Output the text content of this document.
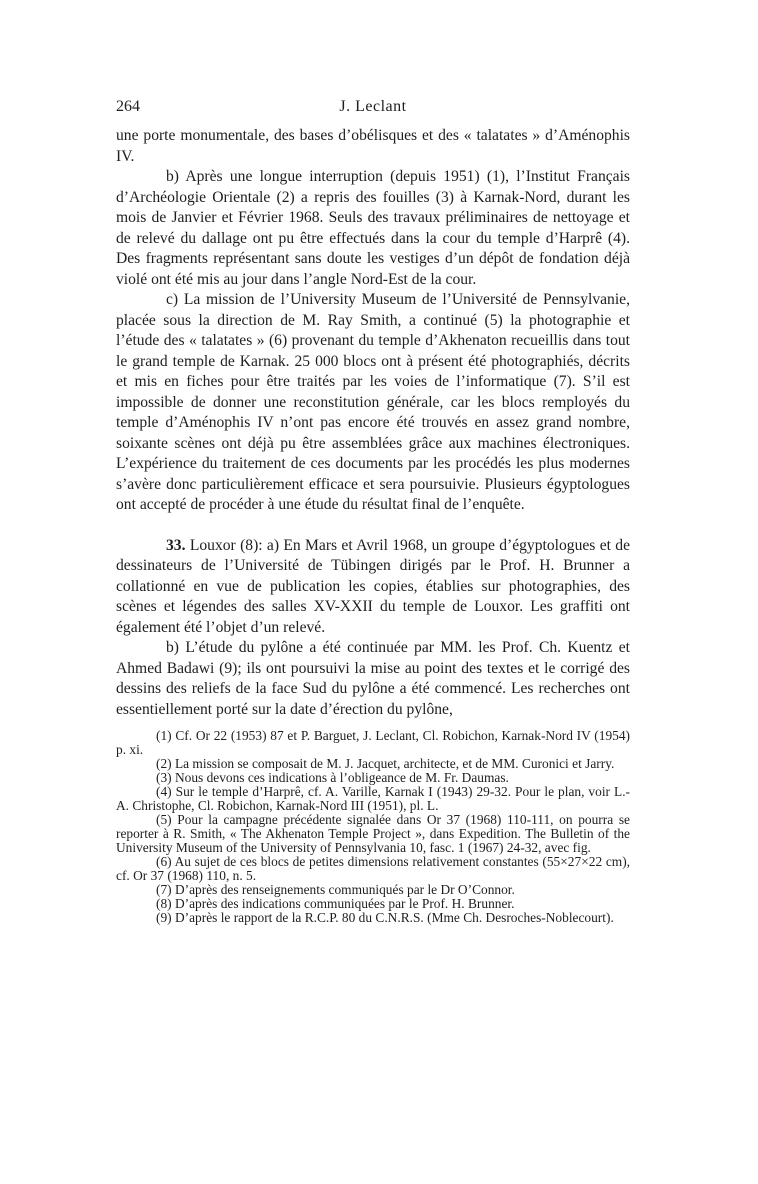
264	J. Leclant

une porte monumentale, des bases d’obélisques et des « talatates » d’Aménophis IV.

b) Après une longue interruption (depuis 1951) (1), l’Institut Français d’Archéologie Orientale (2) a repris des fouilles (3) à Karnak-Nord, durant les mois de Janvier et Février 1968. Seuls des travaux préliminaires de nettoyage et de relevé du dallage ont pu être effectués dans la cour du temple d’Harprê (4). Des fragments représentant sans doute les vestiges d’un dépôt de fondation déjà violé ont été mis au jour dans l’angle Nord-Est de la cour.

c) La mission de l’University Museum de l’Université de Pennsylvanie, placée sous la direction de M. Ray Smith, a continué (5) la photographie et l’étude des « talatates » (6) provenant du temple d’Akhenaton recueillis dans tout le grand temple de Karnak. 25 000 blocs ont à présent été photographiés, décrits et mis en fiches pour être traités par les voies de l’informatique (7). S’il est impossible de donner une reconstitution générale, car les blocs remployés du temple d’Aménophis IV n’ont pas encore été trouvés en assez grand nombre, soixante scènes ont déjà pu être assemblées grâce aux machines électroniques. L’expérience du traitement de ces documents par les procédés les plus modernes s’avère donc particulièrement efficace et sera poursuivie. Plusieurs égyptologues ont accepté de procéder à une étude du résultat final de l’enquête.

33. Louxor (8): a) En Mars et Avril 1968, un groupe d’égyptologues et de dessinateurs de l’Université de Tübingen dirigés par le Prof. H. Brunner a collationné en vue de publication les copies, établies sur photographies, des scènes et légendes des salles XV-XXII du temple de Louxor. Les graffiti ont également été l’objet d’un relevé.

b) L’étude du pylône a été continuée par MM. les Prof. Ch. Kuentz et Ahmed Badawi (9); ils ont poursuivi la mise au point des textes et le corrigé des dessins des reliefs de la face Sud du pylône a été commencé. Les recherches ont essentiellement porté sur la date d’érection du pylône,

(1) Cf. Or 22 (1953) 87 et P. Barguet, J. Leclant, Cl. Robichon, Karnak-Nord IV (1954) p. xi.

(2) La mission se composait de M. J. Jacquet, architecte, et de MM. Curonici et Jarry.

(3) Nous devons ces indications à l’obligeance de M. Fr. Daumas.

(4) Sur le temple d’Harprê, cf. A. Varille, Karnak I (1943) 29-32. Pour le plan, voir L.-A. Christophe, Cl. Robichon, Karnak-Nord III (1951), pl. L.

(5) Pour la campagne précédente signalée dans Or 37 (1968) 110-111, on pourra se reporter à R. Smith, « The Akhenaton Temple Project », dans Expedition. The Bulletin of the University Museum of the University of Pennsylvania 10, fasc. 1 (1967) 24-32, avec fig.

(6) Au sujet de ces blocs de petites dimensions relativement constantes (55×27×22 cm), cf. Or 37 (1968) 110, n. 5.

(7) D’après des renseignements communiqués par le Dr O’Connor.

(8) D’après des indications communiquées par le Prof. H. Brunner.

(9) D’après le rapport de la R.C.P. 80 du C.N.R.S. (Mme Ch. Desroches-Noblecourt).
